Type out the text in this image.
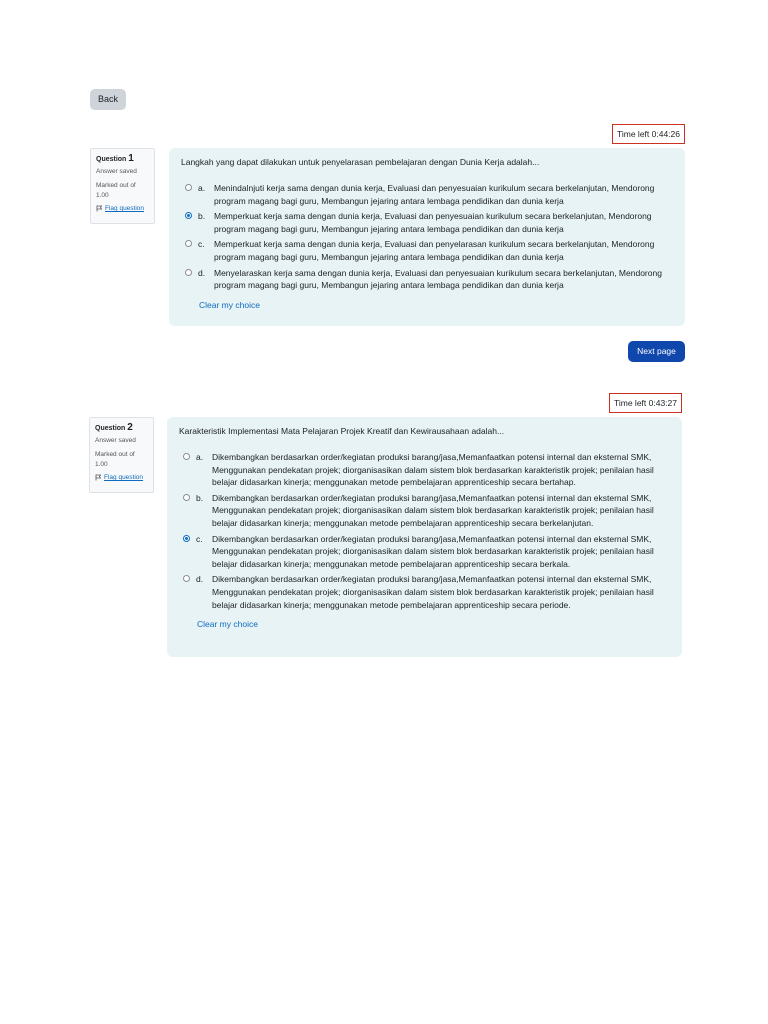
Back
Time left 0:44:26
Question 1
Answer saved
Marked out of 1.00
Flag question
Langkah yang dapat dilakukan untuk penyelarasan pembelajaran dengan Dunia Kerja adalah...
a.	Menindalnjuti kerja sama dengan dunia kerja, Evaluasi dan penyesuaian kurikulum secara berkelanjutan, Mendorong program magang bagi guru, Membangun jejaring antara lembaga pendidikan dan dunia kerja
b.	Memperkuat kerja sama dengan dunia kerja, Evaluasi dan penyesuaian kurikulum secara berkelanjutan, Mendorong program magang bagi guru, Membangun jejaring antara lembaga pendidikan dan dunia kerja
c.	Memperkuat kerja sama dengan dunia kerja, Evaluasi dan penyelarasan kurikulum secara berkelanjutan, Mendorong program magang bagi guru, Membangun jejaring antara lembaga pendidikan dan dunia kerja
d.	Menyelaraskan kerja sama dengan dunia kerja, Evaluasi dan penyesuaian kurikulum secara berkelanjutan, Mendorong program magang bagi guru, Membangun jejaring antara lembaga pendidikan dan dunia kerja
Clear my choice
Next page
Time left 0:43:27
Question 2
Answer saved
Marked out of 1.00
Flag question
Karakteristik Implementasi Mata Pelajaran Projek Kreatif dan Kewirausahaan adalah...
a.	Dikembangkan berdasarkan order/kegiatan produksi barang/jasa,Memanfaatkan potensi internal dan eksternal SMK, Menggunakan pendekatan projek; diorganisasikan dalam sistem blok berdasarkan karakteristik projek; penilaian hasil belajar didasarkan kinerja; menggunakan metode pembelajaran apprenticeship secara bertahap.
b.	Dikembangkan berdasarkan order/kegiatan produksi barang/jasa,Memanfaatkan potensi internal dan eksternal SMK, Menggunakan pendekatan projek; diorganisasikan dalam sistem blok berdasarkan karakteristik projek; penilaian hasil belajar didasarkan kinerja; menggunakan metode pembelajaran apprenticeship secara berkelanjutan.
c.	Dikembangkan berdasarkan order/kegiatan produksi barang/jasa,Memanfaatkan potensi internal dan eksternal SMK, Menggunakan pendekatan projek; diorganisasikan dalam sistem blok berdasarkan karakteristik projek; penilaian hasil belajar didasarkan kinerja; menggunakan metode pembelajaran apprenticeship secara berkala.
d.	Dikembangkan berdasarkan order/kegiatan produksi barang/jasa,Memanfaatkan potensi internal dan eksternal SMK, Menggunakan pendekatan projek; diorganisasikan dalam sistem blok berdasarkan karakteristik projek; penilaian hasil belajar didasarkan kinerja; menggunakan metode pembelajaran apprenticeship secara periode.
Clear my choice
